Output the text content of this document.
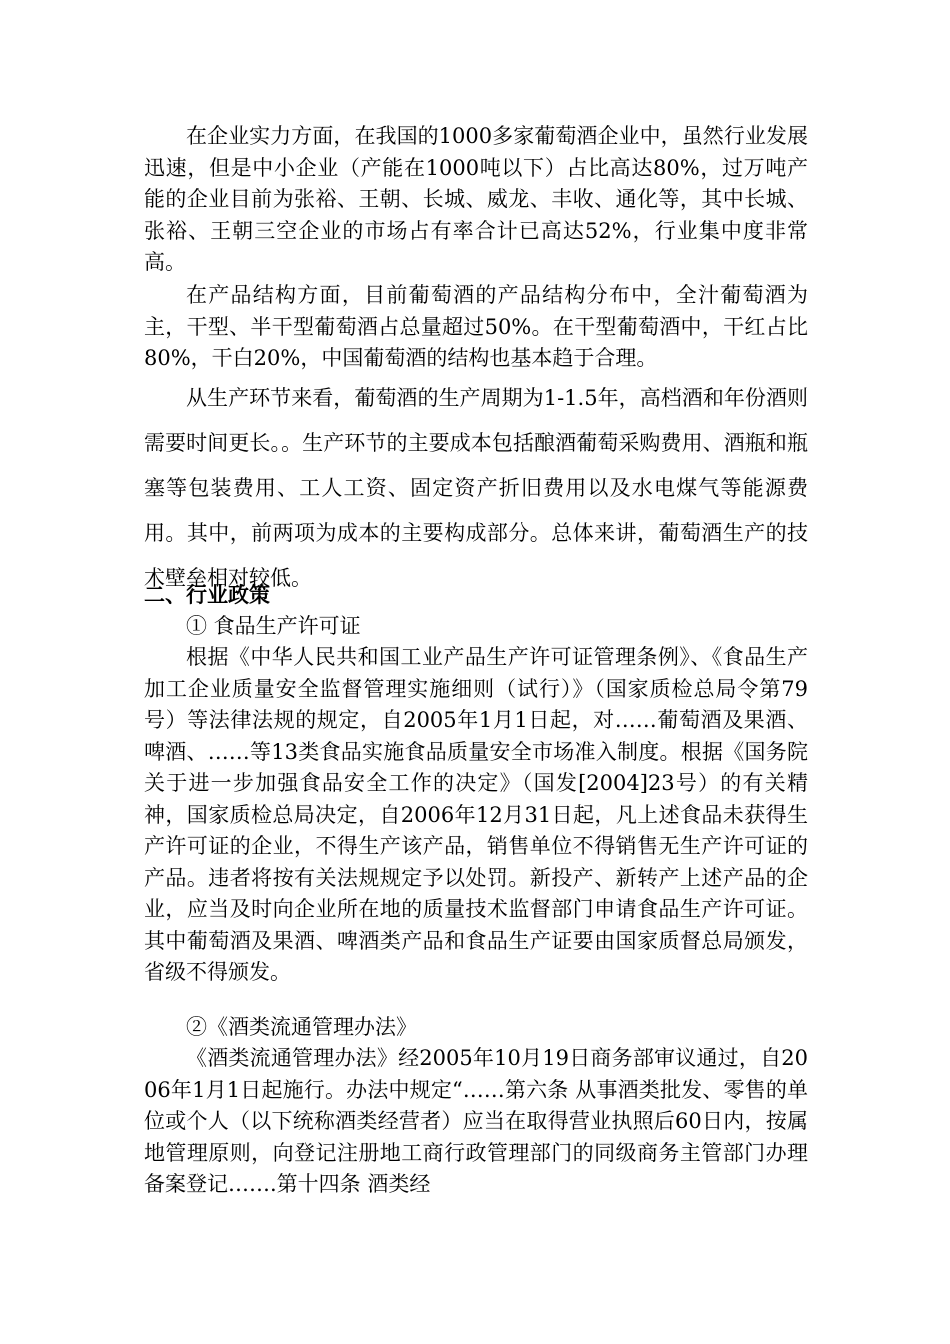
在企业实力方面，在我国的1000多家葡萄酒企业中，虽然行业发展迅速，但是中小企业（产能在1000吨以下）占比高达80%，过万吨产能的企业目前为张裕、王朝、长城、威龙、丰收、通化等，其中长城、张裕、王朝三空企业的市场占有率合计已高达52%，行业集中度非常高。

在产品结构方面，目前葡萄酒的产品结构分布中，全汁葡萄酒为主，干型、半干型葡萄酒占总量超过50%。在干型葡萄酒中，干红占比80%，干白20%，中国葡萄酒的结构也基本趋于合理。

从生产环节来看，葡萄酒的生产周期为1-1.5年，高档酒和年份酒则需要时间更长。。生产环节的主要成本包括酿酒葡萄采购费用、酒瓶和瓶塞等包装费用、工人工资、固定资产折旧费用以及水电煤气等能源费用。其中，前两项为成本的主要构成部分。总体来讲，葡萄酒生产的技术壁垒相对较低。

二、行业政策

① 食品生产许可证

根据《中华人民共和国工业产品生产许可证管理条例》、《食品生产加工企业质量安全监督管理实施细则（试行）》（国家质检总局令第79号）等法律法规的规定，自2005年1月1日起，对……葡萄酒及果酒、啤酒、……等13类食品实施食品质量安全市场准入制度。根据《国务院关于进一步加强食品安全工作的决定》（国发[2004]23号）的有关精神，国家质检总局决定，自2006年12月31日起，凡上述食品未获得生产许可证的企业，不得生产该产品，销售单位不得销售无生产许可证的产品。违者将按有关法规规定予以处罚。新投产、新转产上述产品的企业，应当及时向企业所在地的质量技术监督部门申请食品生产许可证。其中葡萄酒及果酒、啤酒类产品和食品生产证要由国家质督总局颁发，省级不得颁发。

②《酒类流通管理办法》

《酒类流通管理办法》经2005年10月19日商务部审议通过，自2006年1月1日起施行。办法中规定“……第六条 从事酒类批发、零售的单位或个人（以下统称酒类经营者）应当在取得营业执照后60日内，按属地管理原则，向登记注册地工商行政管理部门的同级商务主管部门办理备案登记…….第十四条 酒类经
